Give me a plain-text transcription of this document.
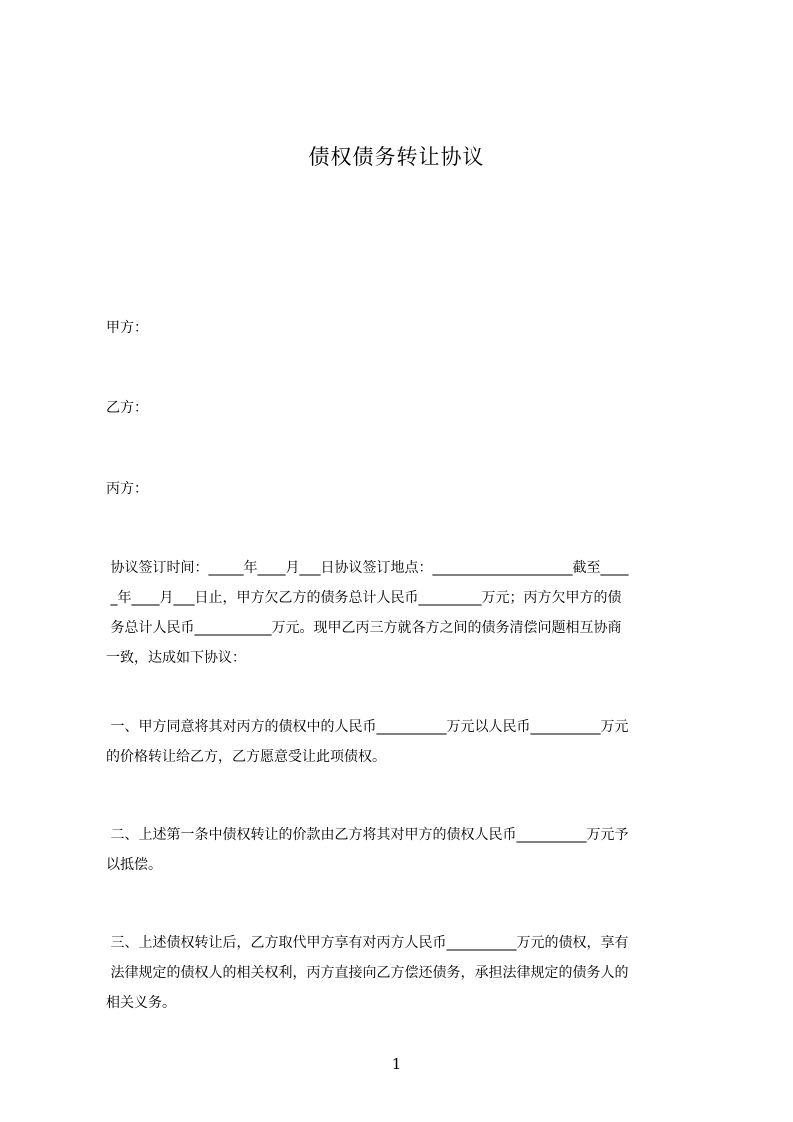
债权债务转让协议
甲方：
乙方：
丙方：
协议签订时间：_____年____月___日协议签订地点：____________________截至____
_年____月___日止，甲方欠乙方的债务总计人民币_________万元；丙方欠甲方的债
务总计人民币___________万元。现甲乙丙三方就各方之间的债务清偿问题相互协商
一致，达成如下协议：
一、甲方同意将其对丙方的债权中的人民币__________万元以人民币__________万元
的价格转让给乙方，乙方愿意受让此项债权。
二、上述第一条中债权转让的价款由乙方将其对甲方的债权人民币__________万元予
以抵偿。
三、上述债权转让后，乙方取代甲方享有对丙方人民币__________万元的债权，享有
法律规定的债权人的相关权利，丙方直接向乙方偿还债务，承担法律规定的债务人的
相关义务。
1
